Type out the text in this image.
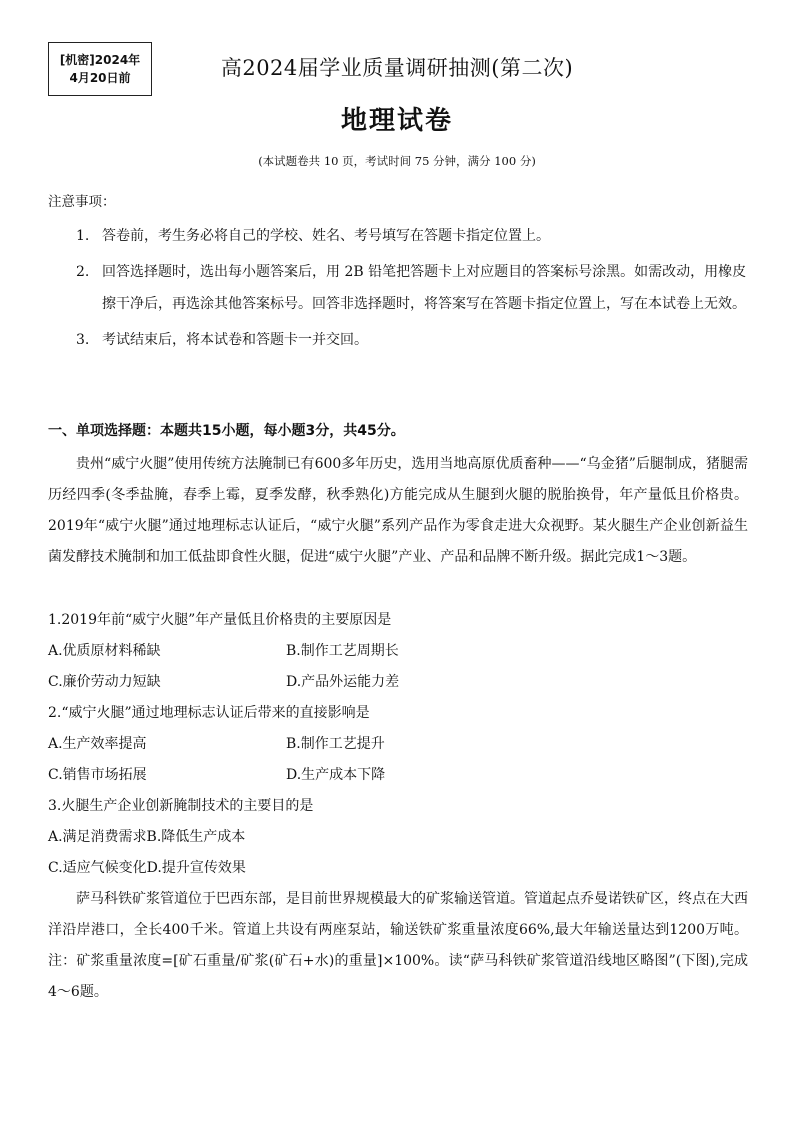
[机密]2024年
4月20日前	高2024届学业质量调研抽测(第二次)
地理试卷
(本试题卷共 10 页，考试时间 75 分钟，满分 100 分)
注意事项：
1. 答卷前，考生务必将自己的学校、姓名、考号填写在答题卡指定位置上。
2. 回答选择题时，选出每小题答案后，用 2B 铅笔把答题卡上对应题目的答案标号涂黑。如需改动，用橡皮擦干净后，再选涂其他答案标号。回答非选择题时，将答案写在答题卡指定位置上，写在本试卷上无效。
3. 考试结束后，将本试卷和答题卡一并交回。
一、单项选择题：本题共15小题，每小题3分，共45分。
贵州“威宁火腿”使用传统方法腌制已有600多年历史，选用当地高原优质畜种——“乌金猪”后腿制成，猪腿需历经四季(冬季盐腌，春季上霉，夏季发酵，秋季熟化)方能完成从生腿到火腿的脱胎换骨，年产量低且价格贵。2019年“威宁火腿”通过地理标志认证后，“威宁火腿”系列产品作为零食走进大众视野。某火腿生产企业创新益生菌发酵技术腌制和加工低盐即食性火腿，促进“威宁火腿”产业、产品和品牌不断升级。据此完成1～3题。
1.2019年前“威宁火腿”年产量低且价格贵的主要原因是
A.优质原材料稀缺	B.制作工艺周期长
C.廉价劳动力短缺	D.产品外运能力差
2.“威宁火腿”通过地理标志认证后带来的直接影响是
A.生产效率提高	B.制作工艺提升
C.销售市场拓展	D.生产成本下降
3.火腿生产企业创新腌制技术的主要目的是
A.满足消费需求B.降低生产成本
C.适应气候变化D.提升宣传效果
萨马科铁矿浆管道位于巴西东部，是目前世界规模最大的矿浆输送管道。管道起点乔曼诺铁矿区，终点在大西洋沿岸港口，全长400千米。管道上共设有两座泵站，输送铁矿浆重量浓度66%,最大年输送量达到1200万吨。注：矿浆重量浓度=[矿石重量/矿浆(矿石+水)的重量]×100%。读“萨马科铁矿浆管道沿线地区略图”(下图),完成4～6题。
